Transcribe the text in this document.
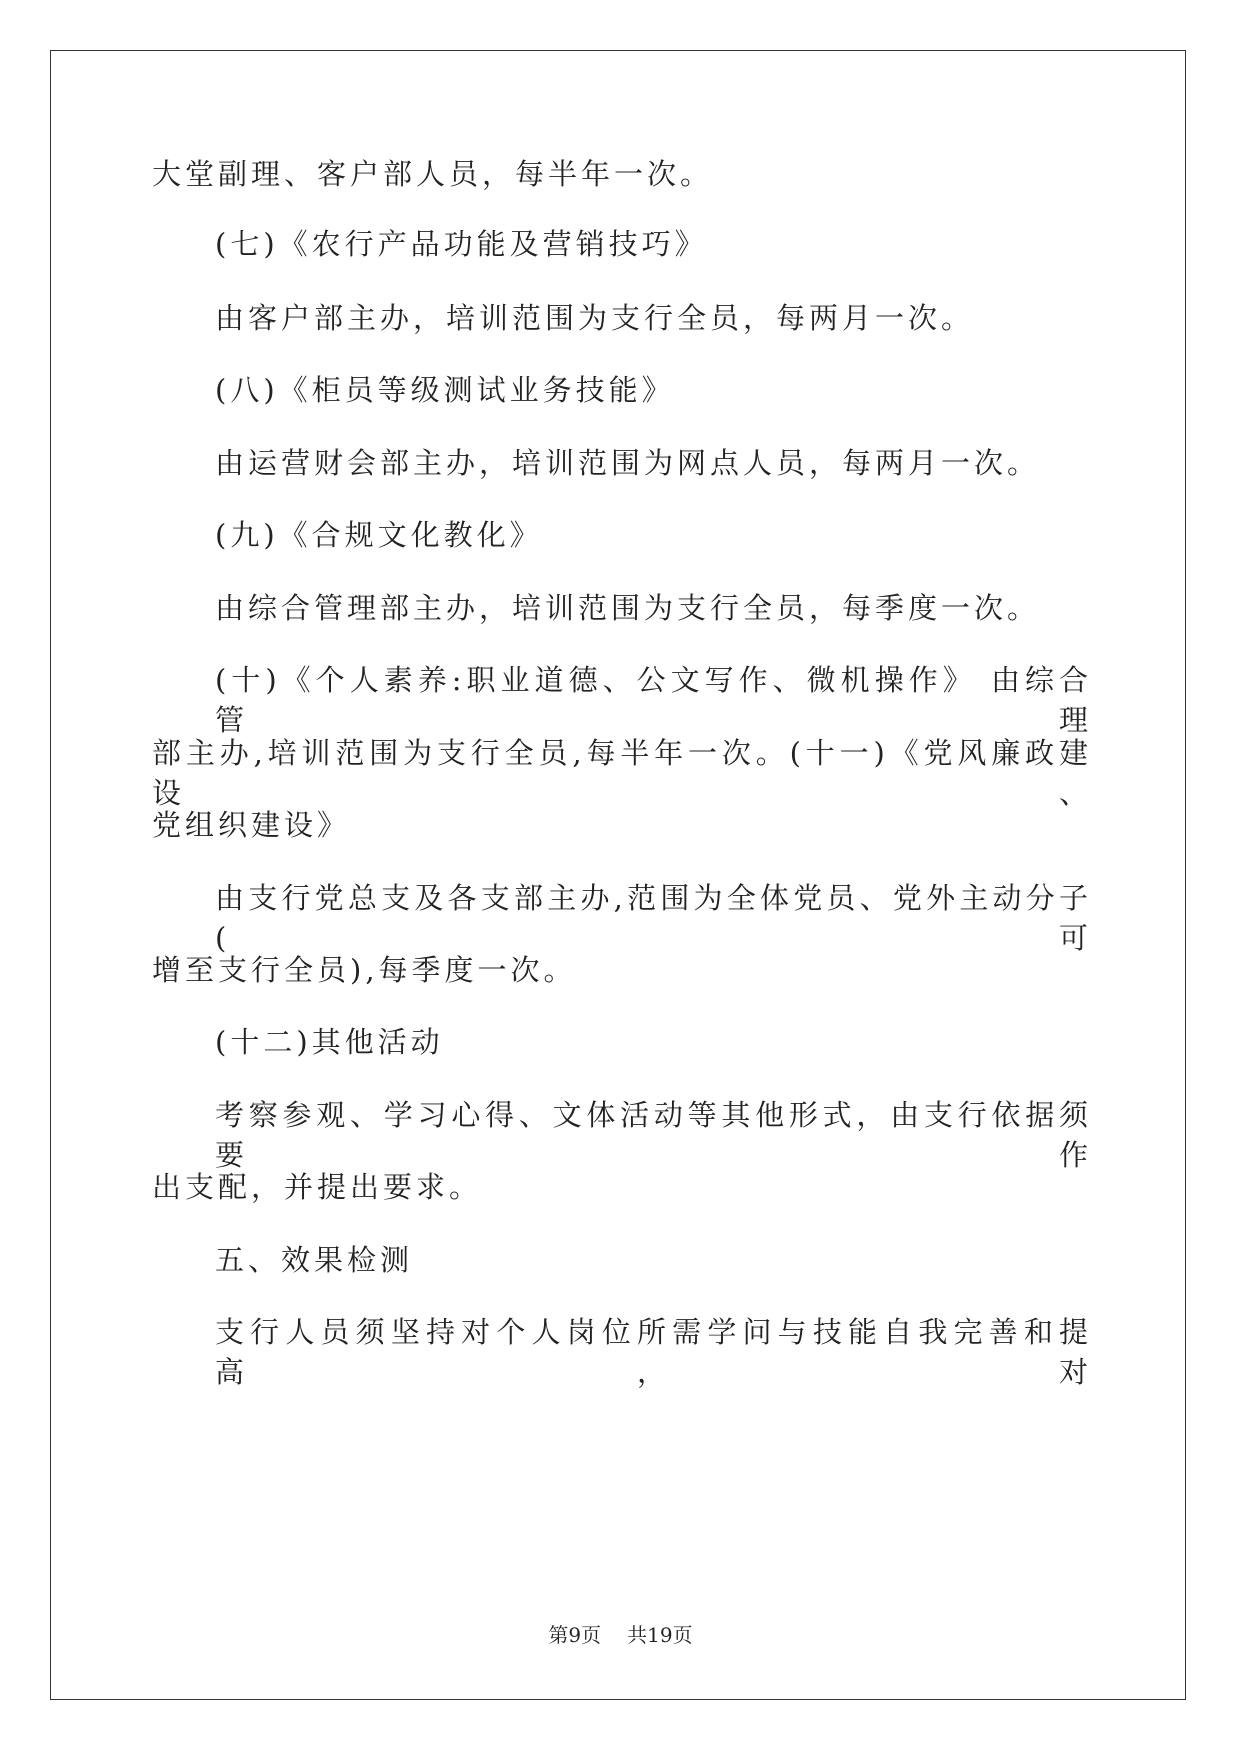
大堂副理、客户部人员，每半年一次。
(七)《农行产品功能及营销技巧》
由客户部主办，培训范围为支行全员，每两月一次。
(八)《柜员等级测试业务技能》
由运营财会部主办，培训范围为网点人员，每两月一次。
(九)《合规文化教化》
由综合管理部主办，培训范围为支行全员，每季度一次。
(十)《个人素养:职业道德、公文写作、微机操作》 由综合管理
部主办,培训范围为支行全员,每半年一次。(十一)《党风廉政建设、
党组织建设》
由支行党总支及各支部主办,范围为全体党员、党外主动分子(可
增至支行全员),每季度一次。
(十二)其他活动
考察参观、学习心得、文体活动等其他形式，由支行依据须要作
出支配，并提出要求。
五、效果检测
支行人员须坚持对个人岗位所需学问与技能自我完善和提高，对
第9页 共19页
